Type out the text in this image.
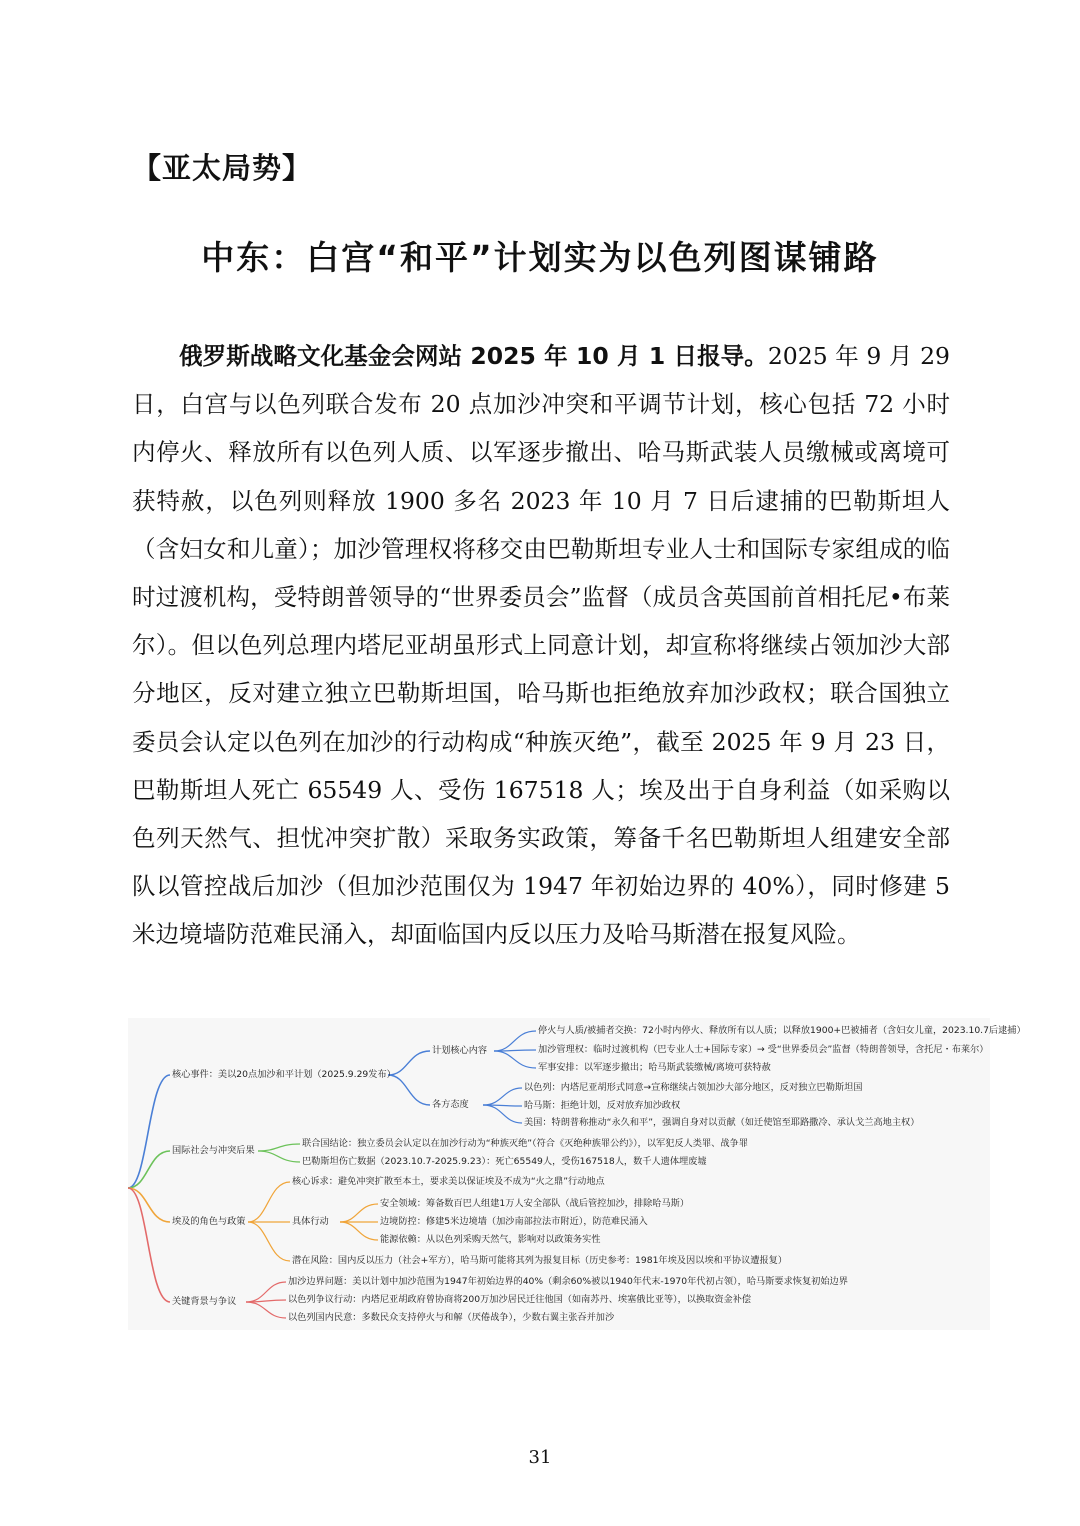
【亚太局势】
中东：白宫“和平”计划实为以色列图谋铺路

俄罗斯战略文化基金会网站 2025 年 10 月 1 日报导。2025 年 9 月 29 日，白宫与以色列联合发布 20 点加沙冲突和平调节计划，核心包括 72 小时内停火、释放所有以色列人质、以军逐步撤出、哈马斯武装人员缴械或离境可获特赦，以色列则释放 1900 多名 2023 年 10 月 7 日后逮捕的巴勒斯坦人（含妇女和儿童）；加沙管理权将移交由巴勒斯坦专业人士和国际专家组成的临时过渡机构，受特朗普领导的“世界委员会”监督（成员含英国前首相托尼•布莱尔）。但以色列总理内塔尼亚胡虽形式上同意计划，却宣称将继续占领加沙大部分地区，反对建立独立巴勒斯坦国，哈马斯也拒绝放弃加沙政权；联合国独立委员会认定以色列在加沙的行动构成“种族灭绝”，截至 2025 年 9 月 23 日，巴勒斯坦人死亡 65549 人、受伤 167518 人；埃及出于自身利益（如采购以色列天然气、担忧冲突扩散）采取务实政策，筹备千名巴勒斯坦人组建安全部队以管控战后加沙（但加沙范围仅为 1947 年初始边界的 40%），同时修建 5 米边境墙防范难民涌入，却面临国内反以压力及哈马斯潜在报复风险。

核心事件：美以20点加沙和平计划（2025.9.29发布）
计划核心内容
停火与人质/被捕者交换：72小时内停火、释放所有以人质；以释放1900+巴被捕者（含妇女儿童，2023.10.7后逮捕）
加沙管理权：临时过渡机构（巴专业人士+国际专家）→ 受“世界委员会”监督（特朗普领导，含托尼・布莱尔）
军事安排：以军逐步撤出；哈马斯武装缴械/离境可获特赦
各方态度
以色列：内塔尼亚胡形式同意→宣称继续占领加沙大部分地区，反对独立巴勒斯坦国
哈马斯：拒绝计划，反对放弃加沙政权
美国：特朗普称推动“永久和平”，强调自身对以贡献（如迁使馆至耶路撒冷、承认戈兰高地主权）
国际社会与冲突后果
联合国结论：独立委员会认定以在加沙行动为“种族灭绝”（符合《灭绝种族罪公约》），以军犯反人类罪、战争罪
巴勒斯坦伤亡数据（2023.10.7-2025.9.23）：死亡65549人，受伤167518人，数千人遗体埋废墟
埃及的角色与政策
核心诉求：避免冲突扩散至本土，要求美以保证埃及不成为“火之鼎”行动地点
具体行动
安全领域：筹备数百巴人组建1万人安全部队（战后管控加沙，排除哈马斯）
边境防控：修建5米边境墙（加沙南部拉法市附近），防范难民涌入
能源依赖：从以色列采购天然气，影响对以政策务实性
潜在风险：国内反以压力（社会+军方），哈马斯可能将其列为报复目标（历史参考：1981年埃及因以埃和平协议遭报复）
关键背景与争议
加沙边界问题：美以计划中加沙范围为1947年初始边界的40%（剩余60%被以1940年代末-1970年代初占领），哈马斯要求恢复初始边界
以色列争议行动：内塔尼亚胡政府曾协商将200万加沙居民迁往他国（如南苏丹、埃塞俄比亚等），以换取资金补偿
以色列国内民意：多数民众支持停火与和解（厌倦战争），少数右翼主张吞并加沙
31
